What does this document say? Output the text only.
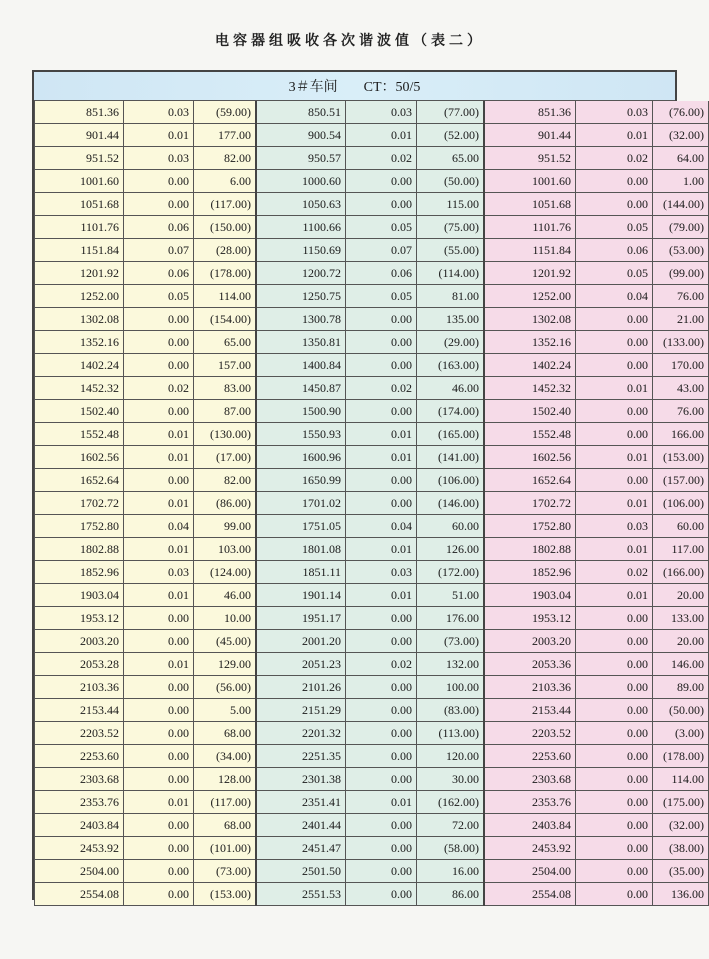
电容器组吸收各次谐波值（表二）
3＃车间 CT：50/5
851.36	0.03	(59.00)	850.51	0.03	(77.00)	851.36	0.03	(76.00)
901.44	0.01	177.00	900.54	0.01	(52.00)	901.44	0.01	(32.00)
951.52	0.03	82.00	950.57	0.02	65.00	951.52	0.02	64.00
1001.60	0.00	6.00	1000.60	0.00	(50.00)	1001.60	0.00	1.00
1051.68	0.00	(117.00)	1050.63	0.00	115.00	1051.68	0.00	(144.00)
1101.76	0.06	(150.00)	1100.66	0.05	(75.00)	1101.76	0.05	(79.00)
1151.84	0.07	(28.00)	1150.69	0.07	(55.00)	1151.84	0.06	(53.00)
1201.92	0.06	(178.00)	1200.72	0.06	(114.00)	1201.92	0.05	(99.00)
1252.00	0.05	114.00	1250.75	0.05	81.00	1252.00	0.04	76.00
1302.08	0.00	(154.00)	1300.78	0.00	135.00	1302.08	0.00	21.00
1352.16	0.00	65.00	1350.81	0.00	(29.00)	1352.16	0.00	(133.00)
1402.24	0.00	157.00	1400.84	0.00	(163.00)	1402.24	0.00	170.00
1452.32	0.02	83.00	1450.87	0.02	46.00	1452.32	0.01	43.00
1502.40	0.00	87.00	1500.90	0.00	(174.00)	1502.40	0.00	76.00
1552.48	0.01	(130.00)	1550.93	0.01	(165.00)	1552.48	0.00	166.00
1602.56	0.01	(17.00)	1600.96	0.01	(141.00)	1602.56	0.01	(153.00)
1652.64	0.00	82.00	1650.99	0.00	(106.00)	1652.64	0.00	(157.00)
1702.72	0.01	(86.00)	1701.02	0.00	(146.00)	1702.72	0.01	(106.00)
1752.80	0.04	99.00	1751.05	0.04	60.00	1752.80	0.03	60.00
1802.88	0.01	103.00	1801.08	0.01	126.00	1802.88	0.01	117.00
1852.96	0.03	(124.00)	1851.11	0.03	(172.00)	1852.96	0.02	(166.00)
1903.04	0.01	46.00	1901.14	0.01	51.00	1903.04	0.01	20.00
1953.12	0.00	10.00	1951.17	0.00	176.00	1953.12	0.00	133.00
2003.20	0.00	(45.00)	2001.20	0.00	(73.00)	2003.20	0.00	20.00
2053.28	0.01	129.00	2051.23	0.02	132.00	2053.36	0.00	146.00
2103.36	0.00	(56.00)	2101.26	0.00	100.00	2103.36	0.00	89.00
2153.44	0.00	5.00	2151.29	0.00	(83.00)	2153.44	0.00	(50.00)
2203.52	0.00	68.00	2201.32	0.00	(113.00)	2203.52	0.00	(3.00)
2253.60	0.00	(34.00)	2251.35	0.00	120.00	2253.60	0.00	(178.00)
2303.68	0.00	128.00	2301.38	0.00	30.00	2303.68	0.00	114.00
2353.76	0.01	(117.00)	2351.41	0.01	(162.00)	2353.76	0.00	(175.00)
2403.84	0.00	68.00	2401.44	0.00	72.00	2403.84	0.00	(32.00)
2453.92	0.00	(101.00)	2451.47	0.00	(58.00)	2453.92	0.00	(38.00)
2504.00	0.00	(73.00)	2501.50	0.00	16.00	2504.00	0.00	(35.00)
2554.08	0.00	(153.00)	2551.53	0.00	86.00	2554.08	0.00	136.00
